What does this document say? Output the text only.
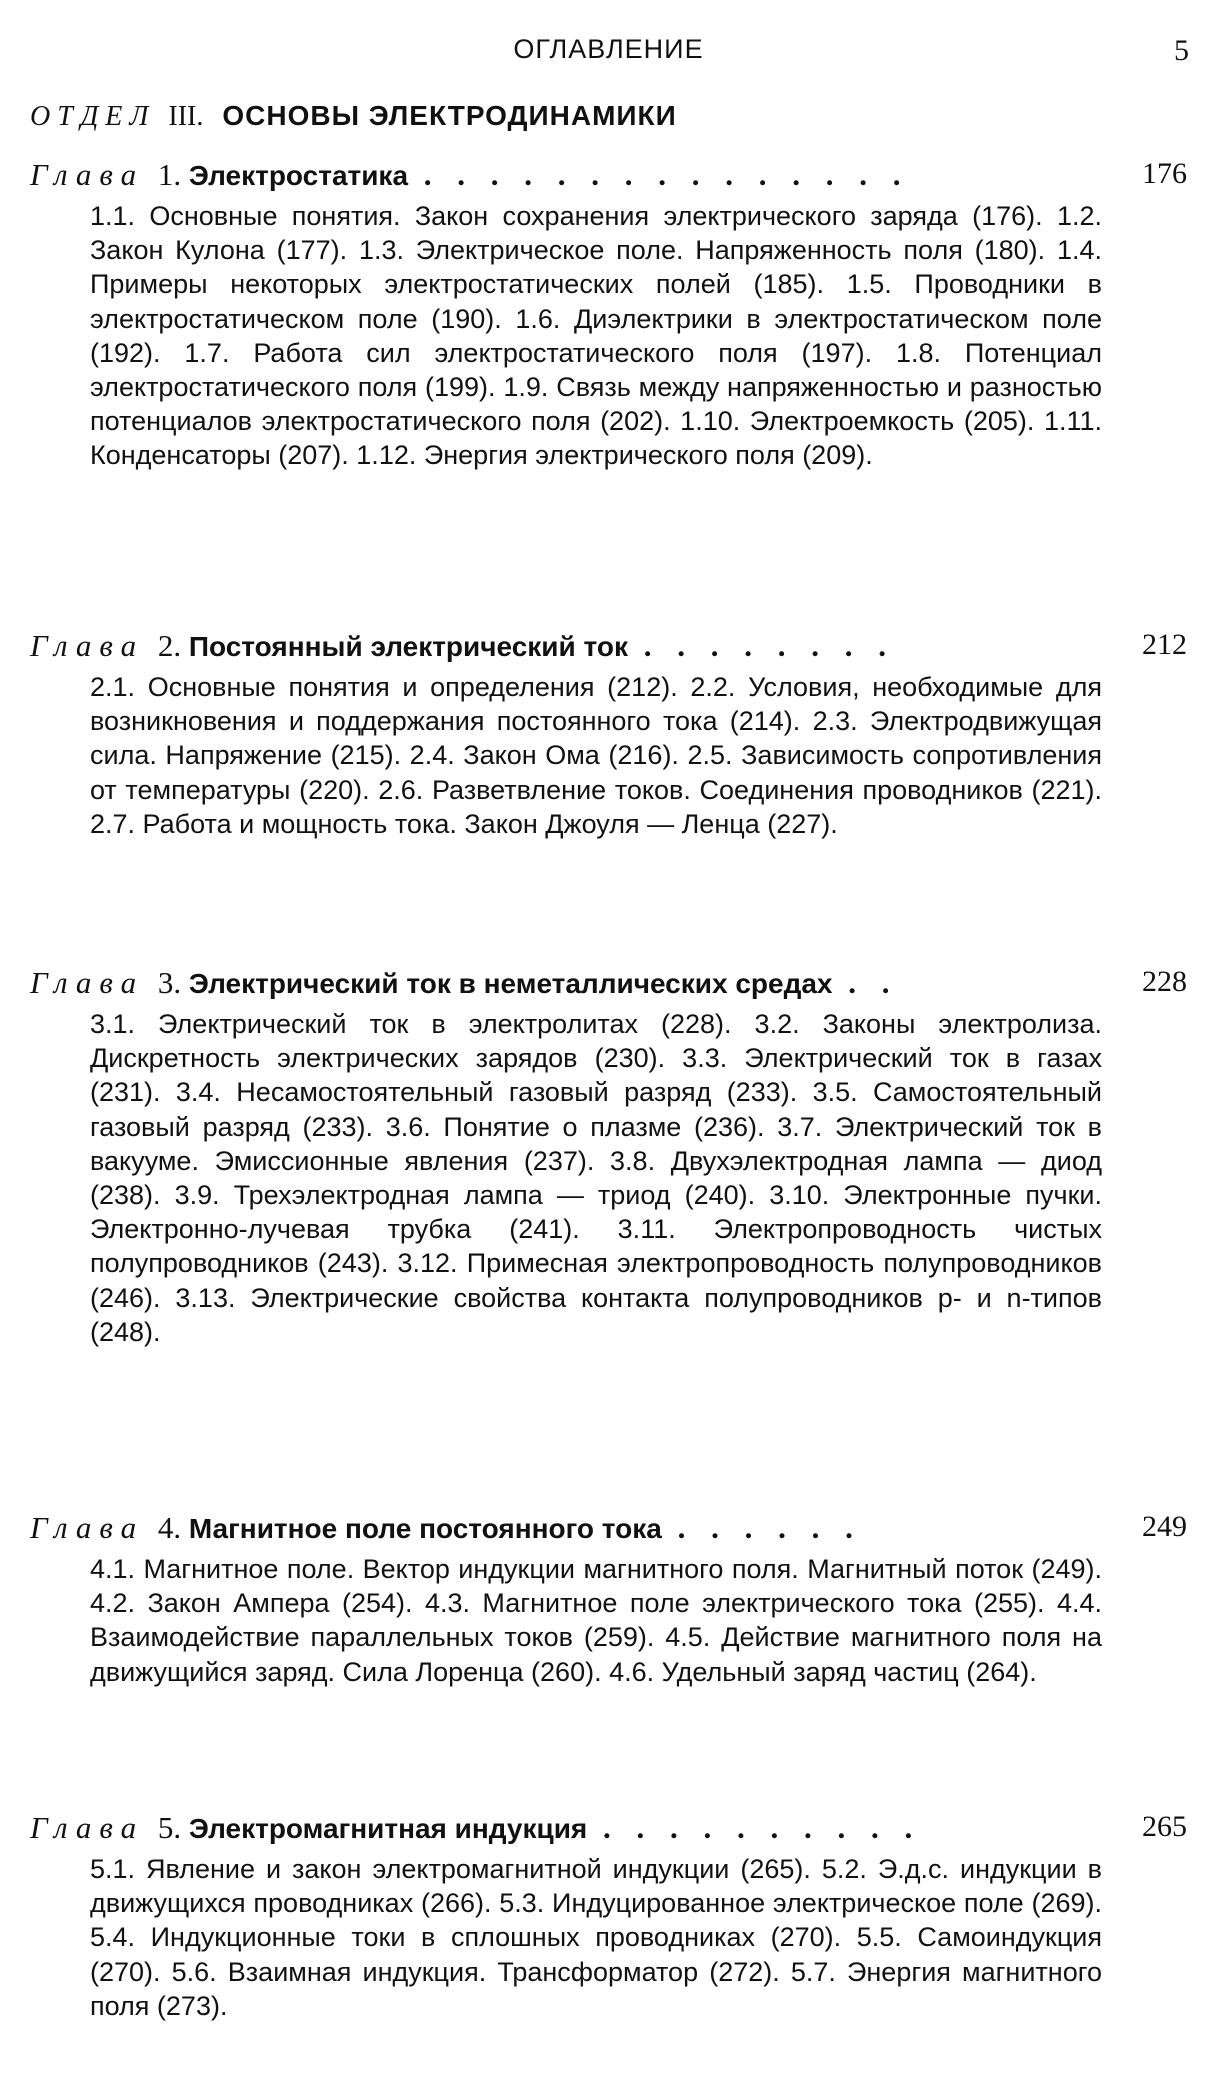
ОГЛАВЛЕНИЕ	5
ОТДЕЛ III. ОСНОВЫ ЭЛЕКТРОДИНАМИКИ
Глава 1. Электростатика . . . . . . . . . . . . . . .	176
1.1. Основные понятия. Закон сохранения электрического заряда (176). 1.2. Закон Кулона (177). 1.3. Электрическое поле. Напряженность поля (180). 1.4. Примеры некоторых электростатических полей (185). 1.5. Проводники в электростатическом поле (190). 1.6. Диэлектрики в электростатическом поле (192). 1.7. Работа сил электростатического поля (197). 1.8. Потенциал электростатического поля (199). 1.9. Связь между напряженностью и разностью потенциалов электростатического поля (202). 1.10. Электроемкость (205). 1.11. Конденсаторы (207). 1.12. Энергия электрического поля (209).
Глава 2. Постоянный электрический ток . . . . . . . .	212
2.1. Основные понятия и определения (212). 2.2. Условия, необходимые для возникновения и поддержания постоянного тока (214). 2.3. Электродвижущая сила. Напряжение (215). 2.4. Закон Ома (216). 2.5. Зависимость сопротивления от температуры (220). 2.6. Разветвление токов. Соединения проводников (221). 2.7. Работа и мощность тока. Закон Джоуля — Ленца (227).
Глава 3. Электрический ток в неметаллических средах . .	228
3.1. Электрический ток в электролитах (228). 3.2. Законы электролиза. Дискретность электрических зарядов (230). 3.3. Электрический ток в газах (231). 3.4. Несамостоятельный газовый разряд (233). 3.5. Самостоятельный газовый разряд (233). 3.6. Понятие о плазме (236). 3.7. Электрический ток в вакууме. Эмиссионные явления (237). 3.8. Двухэлектродная лампа — диод (238). 3.9. Трехэлектродная лампа — триод (240). 3.10. Электронные пучки. Электронно-лучевая трубка (241). 3.11. Электропроводность чистых полупроводников (243). 3.12. Примесная электропроводность полупроводников (246). 3.13. Электрические свойства контакта полупроводников p- и n-типов (248).
Глава 4. Магнитное поле постоянного тока . . . . . .	249
4.1. Магнитное поле. Вектор индукции магнитного поля. Магнитный поток (249). 4.2. Закон Ампера (254). 4.3. Магнитное поле электрического тока (255). 4.4. Взаимодействие параллельных токов (259). 4.5. Действие магнитного поля на движущийся заряд. Сила Лоренца (260). 4.6. Удельный заряд частиц (264).
Глава 5. Электромагнитная индукция . . . . . . . . . .	265
5.1. Явление и закон электромагнитной индукции (265). 5.2. Э.д.с. индукции в движущихся проводниках (266). 5.3. Индуцированное электрическое поле (269). 5.4. Индукционные токи в сплошных проводниках (270). 5.5. Самоиндукция (270). 5.6. Взаимная индукция. Трансформатор (272). 5.7. Энергия магнитного поля (273).
